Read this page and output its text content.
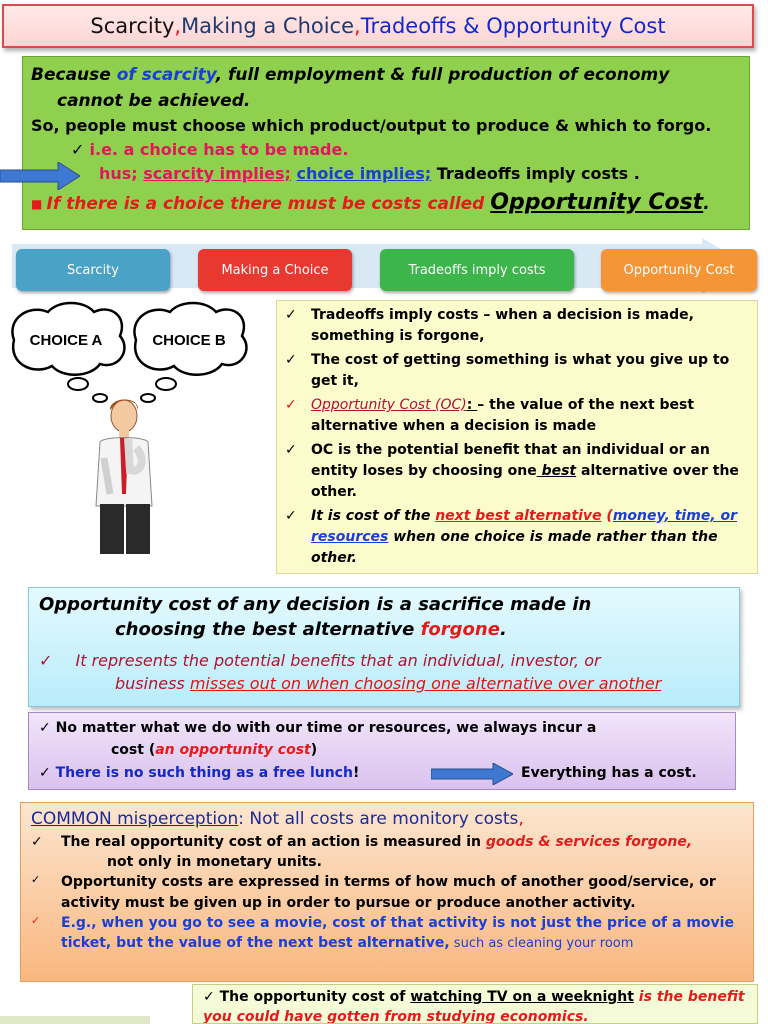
Scarcity , Making a Choice , Tradeoffs & Opportunity Cost
Because of scarcity, full employment & full production of economy
cannot be achieved.
So, people must choose which product/output to produce & which to forgo.
✓ i.e. a choice has to be made.
hus; scarcity implies; choice implies; Tradeoffs imply costs .
■ If there is a choice there must be costs called Opportunity Cost.
Scarcity	Making a Choice	Tradeoffs imply costs	Opportunity Cost
CHOICE A	CHOICE B
✓	Tradeoffs imply costs – when a decision is made, something is forgone,
✓	The cost of getting something is what you give up to get it,
✓	Opportunity Cost (OC): – the value of the next best alternative when a decision is made
✓	OC is the potential benefit that an individual or an entity loses by choosing one best alternative over the other.
✓	It is cost of the next best alternative (money, time, or resources when one choice is made rather than the other.
Opportunity cost of any decision is a sacrifice made in
choosing the best alternative forgone.
✓ It represents the potential benefits that an individual, investor, or
business misses out on when choosing one alternative over another
✓ No matter what we do with our time or resources, we always incur a
cost (an opportunity cost)
✓ There is no such thing as a free lunch!	Everything has a cost.
COMMON misperception: Not all costs are monitory costs,
✓	The real opportunity cost of an action is measured in goods & services forgone,
not only in monetary units.
✓	Opportunity costs are expressed in terms of how much of another good/service, or activity must be given up in order to pursue or produce another activity.
✓	E.g., when you go to see a movie, cost of that activity is not just the price of a movie ticket, but the value of the next best alternative, such as cleaning your room
✓ The opportunity cost of watching TV on a weeknight is the benefit you could have gotten from studying economics.
